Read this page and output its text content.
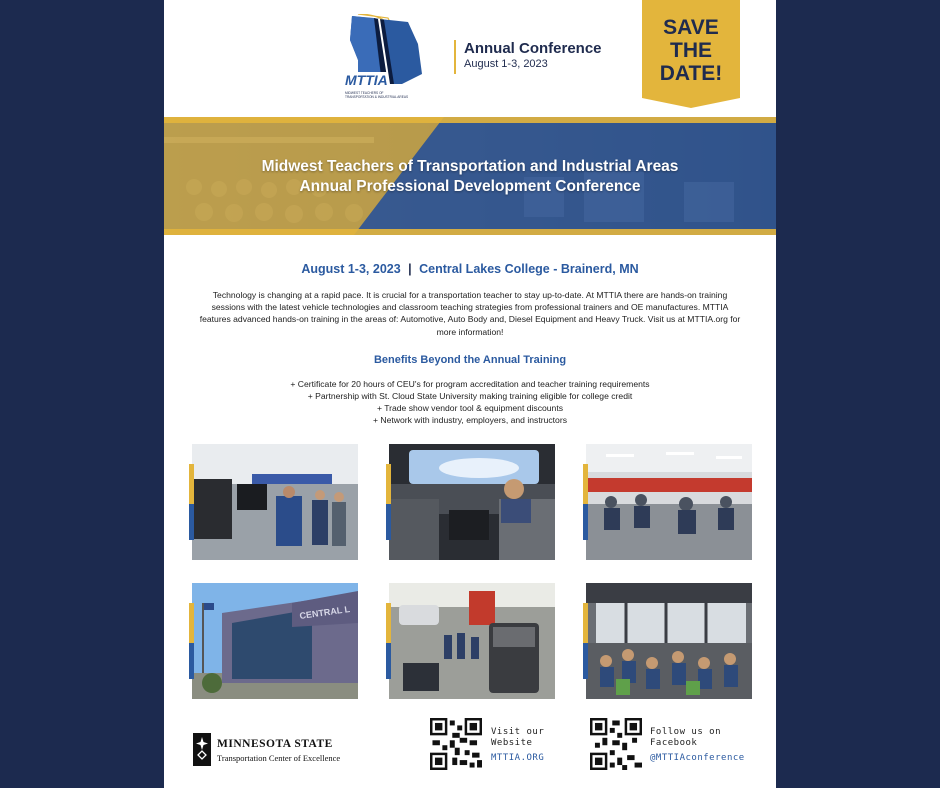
MTTIA
MIDWEST TEACHERS OF
TRANSPORTATION & INDUSTRIAL AREAS
Annual Conference
August 1-3, 2023
SAVE
THE
DATE!
Midwest Teachers of Transportation and Industrial Areas
Annual Professional Development Conference
August 1-3, 2023 | Central Lakes College - Brainerd, MN

Technology is changing at a rapid pace. It is crucial for a transportation teacher to stay up-to-date. At MTTIA there are hands-on training sessions with the latest vehicle technologies and classroom teaching strategies from professional trainers and OE manufactures. MTTIA features advanced hands-on training in the areas of: Automotive, Auto Body and, Diesel Equipment and Heavy Truck. Visit us at MTTIA.org for more information!

Benefits Beyond the Annual Training
+ Certificate for 20 hours of CEU's for program accreditation and teacher training requirements
+ Partnership with St. Cloud State University making training eligible for college credit
+ Trade show vendor tool & equipment discounts
+ Network with industry, employers, and instructors
CENTRAL L
MINNESOTA STATE
Transportation Center of Excellence
Visit our
Website
MTTIA.ORG
Follow us on
Facebook
@MTTIAconference
